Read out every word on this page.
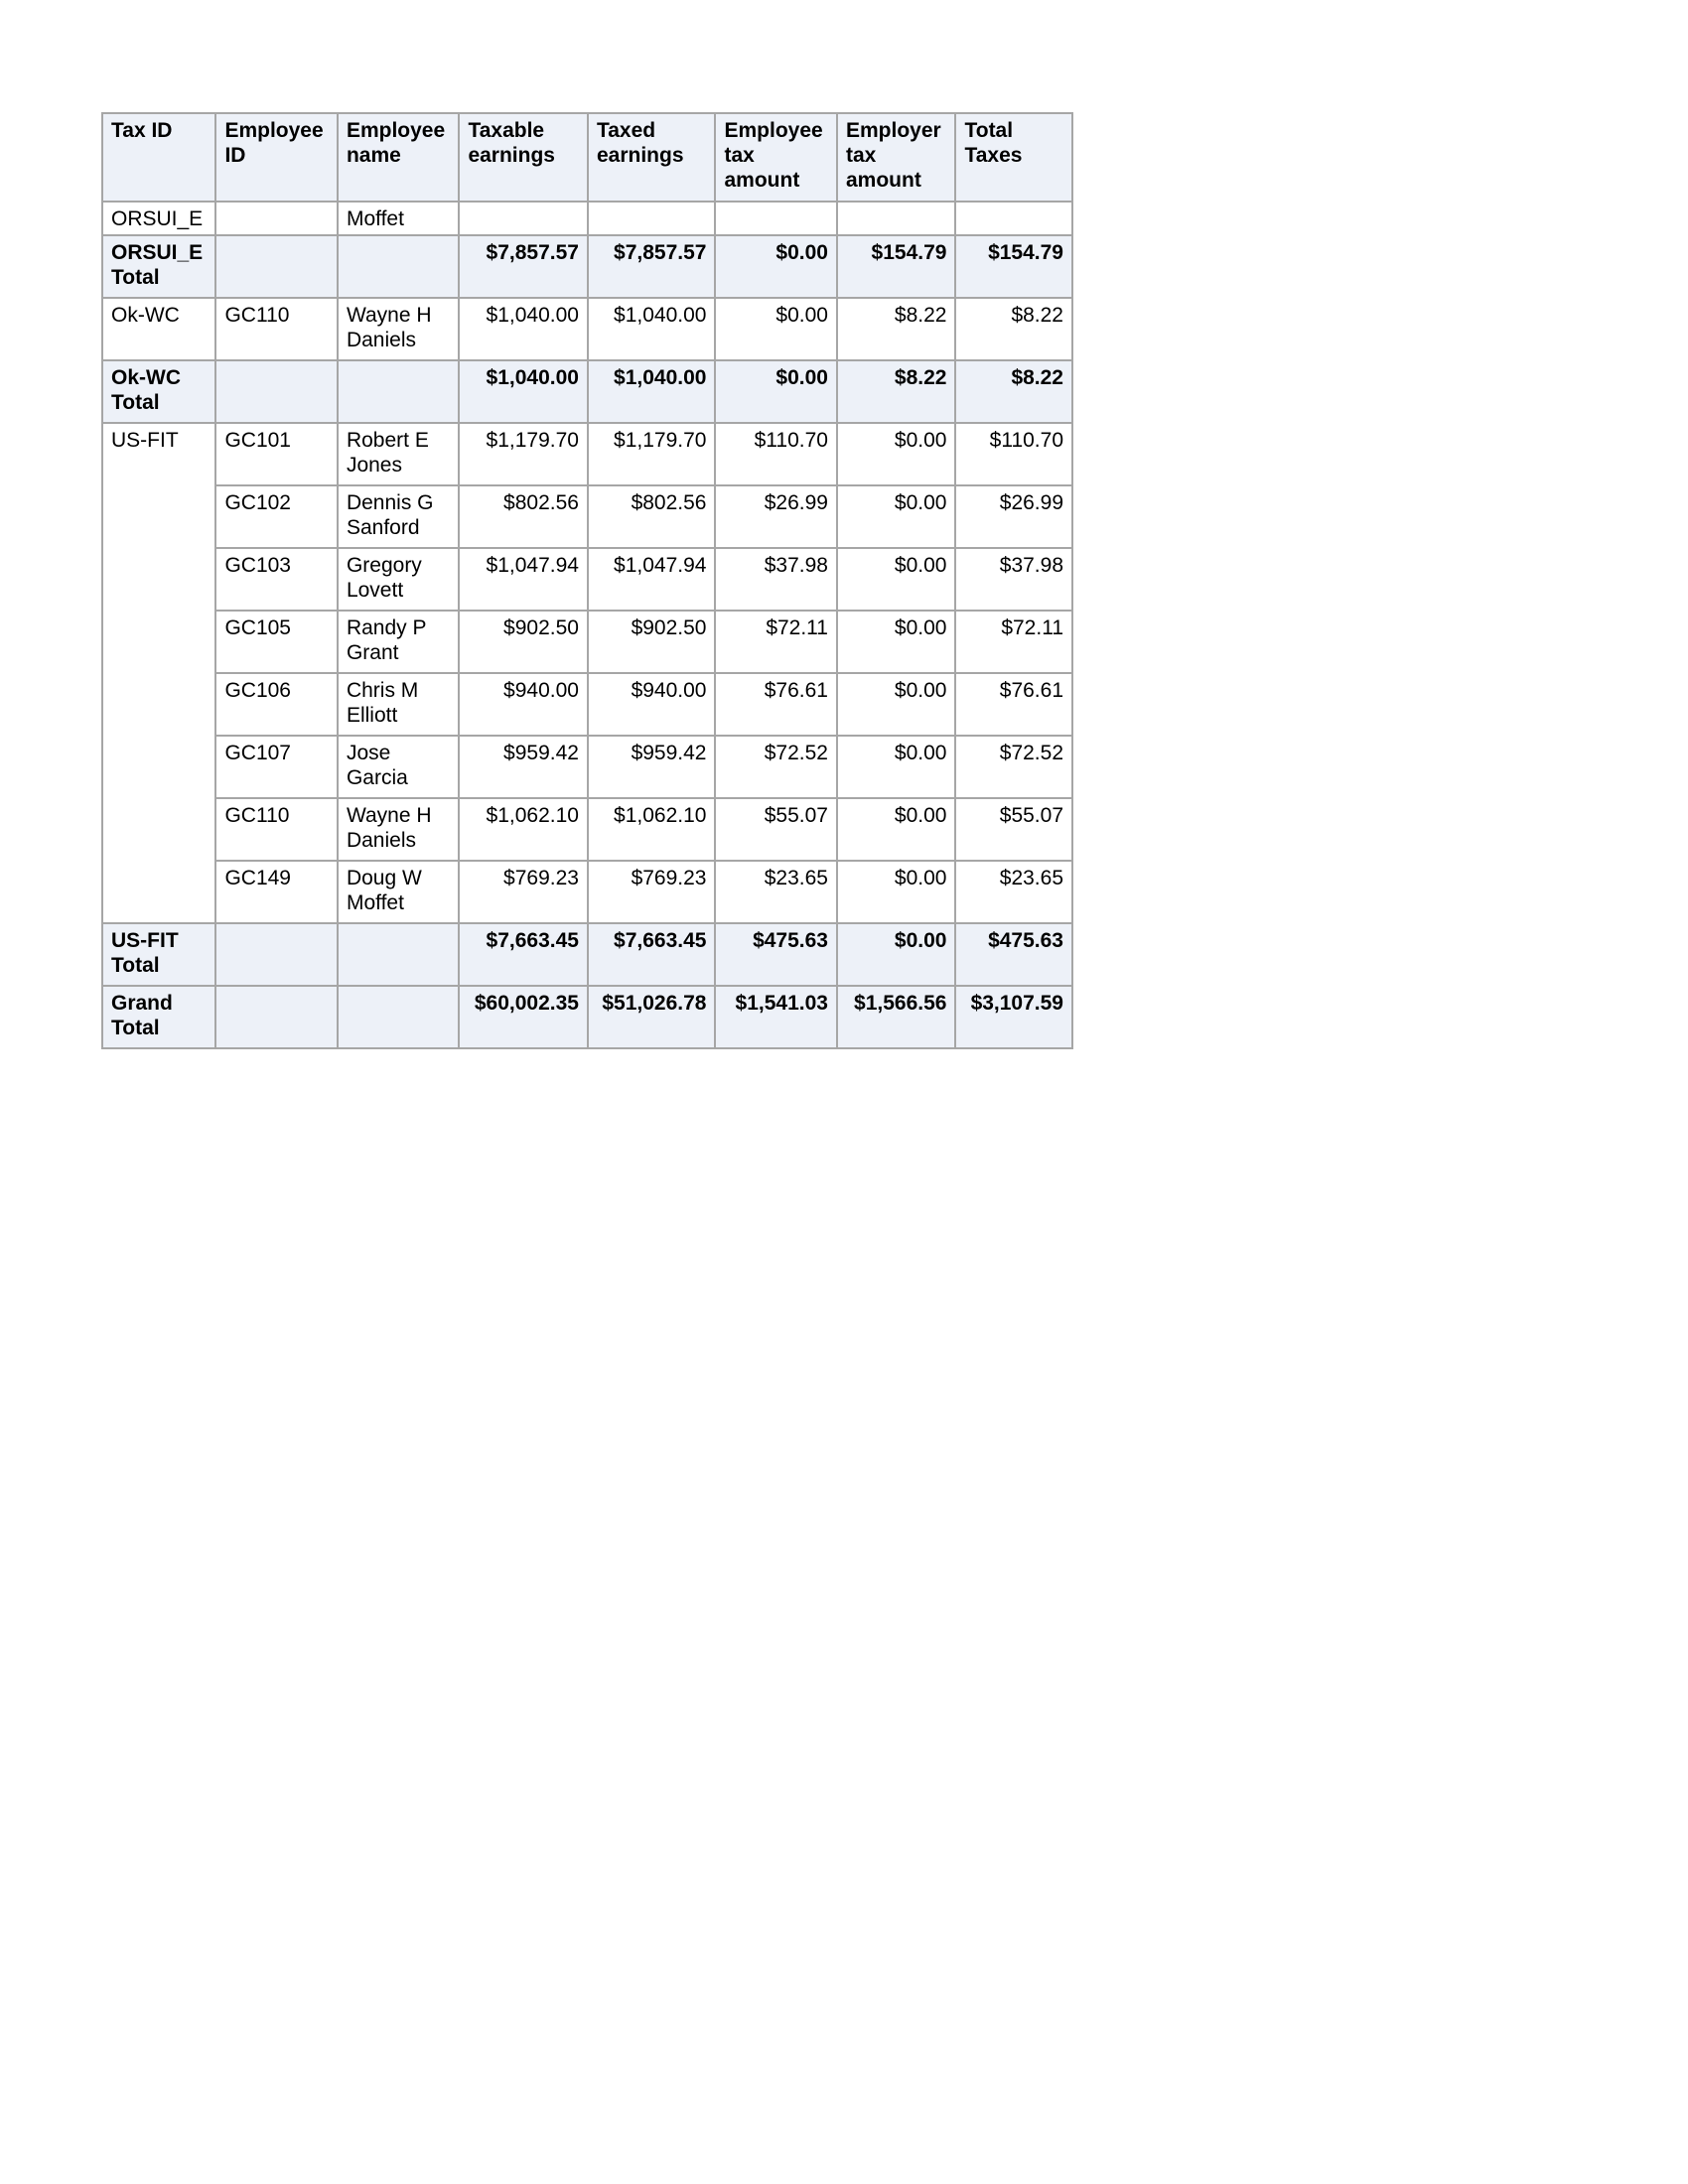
Tax ID	Employee ID	Employee name	Taxable earnings	Taxed earnings	Employee tax amount	Employer tax amount	Total Taxes
ORSUI_E		Moffet					
ORSUI_E Total			$7,857.57	$7,857.57	$0.00	$154.79	$154.79
Ok-WC	GC110	Wayne H Daniels	$1,040.00	$1,040.00	$0.00	$8.22	$8.22
Ok-WC Total			$1,040.00	$1,040.00	$0.00	$8.22	$8.22
US-FIT	GC101	Robert E Jones	$1,179.70	$1,179.70	$110.70	$0.00	$110.70
	GC102	Dennis G Sanford	$802.56	$802.56	$26.99	$0.00	$26.99
	GC103	Gregory Lovett	$1,047.94	$1,047.94	$37.98	$0.00	$37.98
	GC105	Randy P Grant	$902.50	$902.50	$72.11	$0.00	$72.11
	GC106	Chris M Elliott	$940.00	$940.00	$76.61	$0.00	$76.61
	GC107	Jose Garcia	$959.42	$959.42	$72.52	$0.00	$72.52
	GC110	Wayne H Daniels	$1,062.10	$1,062.10	$55.07	$0.00	$55.07
	GC149	Doug W Moffet	$769.23	$769.23	$23.65	$0.00	$23.65
US-FIT Total			$7,663.45	$7,663.45	$475.63	$0.00	$475.63
Grand Total			$60,002.35	$51,026.78	$1,541.03	$1,566.56	$3,107.59
